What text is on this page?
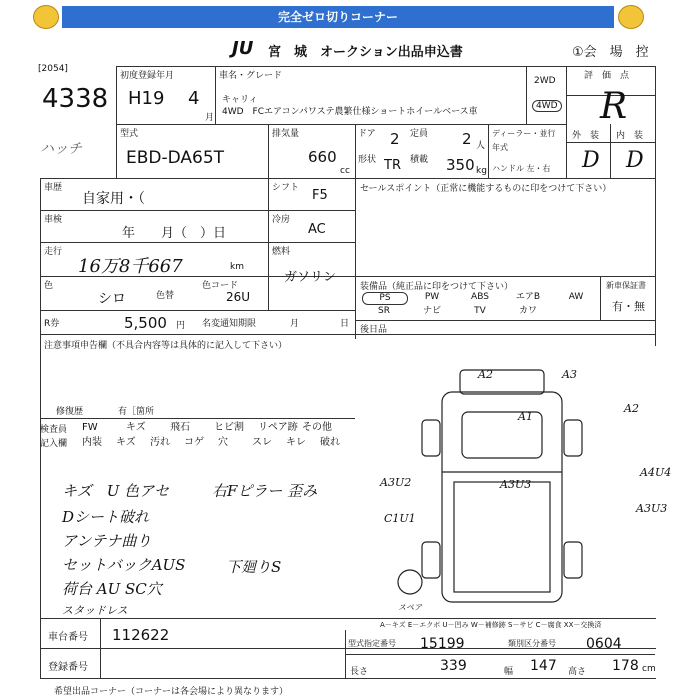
完全ゼロ切りコーナー
JU 宮　城　オークション出品申込書	①会　場　控
[2054]
4338
ハッチ
初度登録年月
H19 4
月
車名・グレード
キャリィ
4WD　FCエアコンパワステ農繁仕様ショートホイールベース車
2WD
4WD
評　価　点
R
型式
EBD-DA65T
排気量
660
cc
ドア 2 定員 2 人
形状 TR 積載 350 kg
ディーラー・並行
年式
ハンドル 左・右
外　装 内　装
D D
車歴
自家用・（
シフト F5
車検
年　　月（　）日
冷房
AC
走行
16万8千667	km
燃料
ガソリン
色
シロ	色替
色コード
26U
R券	5,500 円 名変通知期限	月	日
セールスポイント（正常に機能するものに印をつけて下さい）
装備品（純正品に印をつけて下さい）	新車保証書
有・無
PS	PW	ABS	エアB	AW
SR	ナビ	TV	カワ
後日品
注意事項申告欄（不具合内容等は具体的に記入して下さい）
修復歴	有［箇所
検査員
記入欄
FW	キズ 飛石 ヒビ割 リペア跡 その他
内装 キズ 汚れ コゲ 穴 スレ キレ 破れ
キズ　U 色アセ
Dシート破れ
アンテナ曲り
セットバックAUS
荷台 AU SC穴
スタッドレス
右Fピラー 歪み
下廻りS
A2	A3
A1
A2
A4U4
A3U2	A3U3
C1U1
A3U3
スペア
A－キズ E－エクボ U－凹み W－補修跡 S－サビ C－腐食 XX－交換済
車台番号 112622
登録番号
型式指定番号 15199	類別区分番号 0604
長さ	339	幅 147 高さ 178 cm
希望出品コーナー（コーナーは各会場により異なります）
